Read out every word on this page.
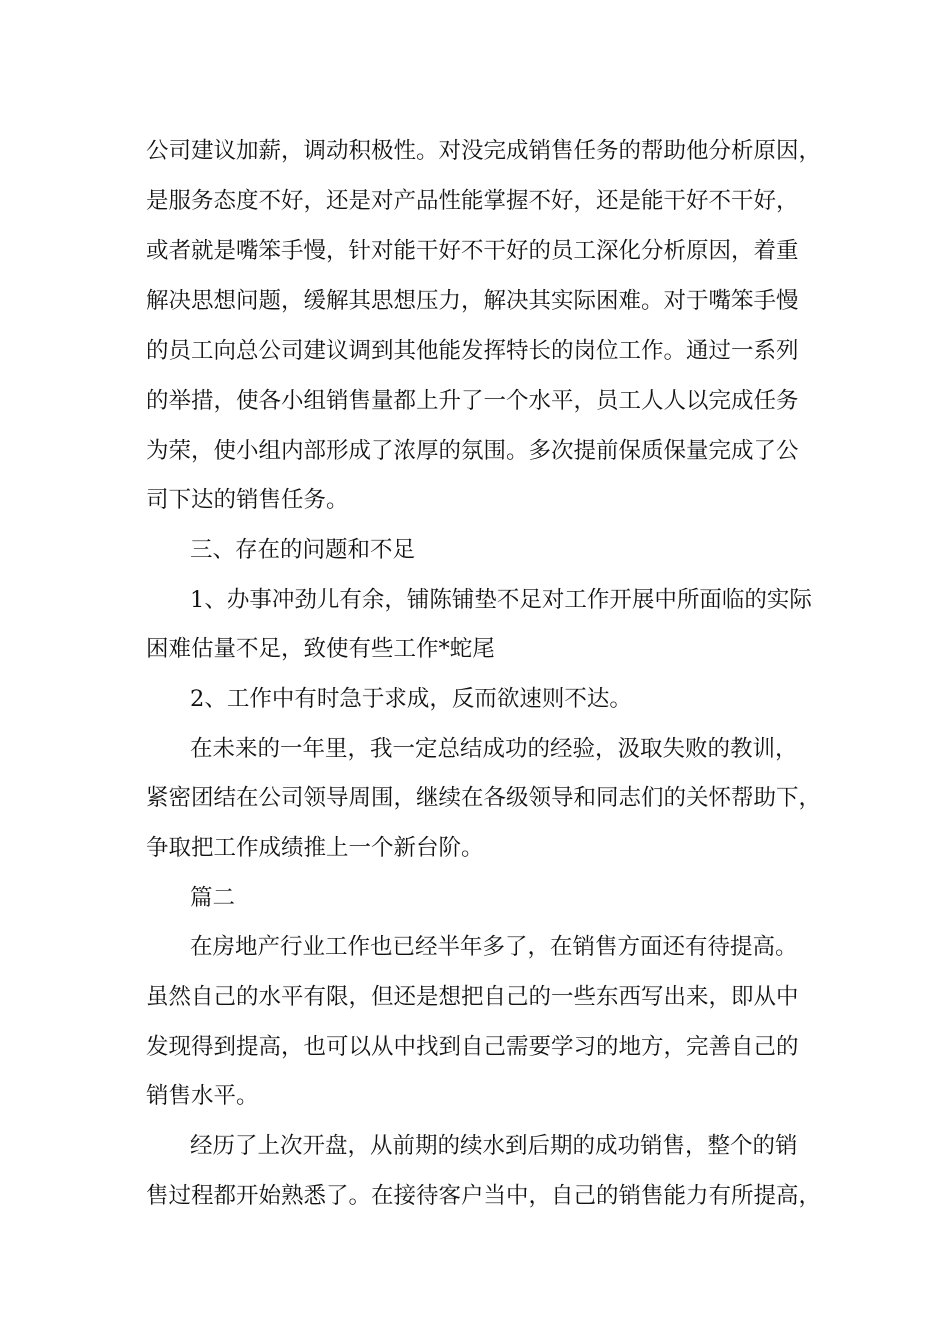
公司建议加薪，调动积极性。对没完成销售任务的帮助他分析原因，

是服务态度不好，还是对产品性能掌握不好，还是能干好不干好，

或者就是嘴笨手慢，针对能干好不干好的员工深化分析原因，着重

解决思想问题，缓解其思想压力，解决其实际困难。对于嘴笨手慢

的员工向总公司建议调到其他能发挥特长的岗位工作。通过一系列

的举措，使各小组销售量都上升了一个水平，员工人人以完成任务

为荣，使小组内部形成了浓厚的氛围。多次提前保质保量完成了公

司下达的销售任务。

三、存在的问题和不足

1、办事冲劲儿有余，铺陈铺垫不足对工作开展中所面临的实际

困难估量不足，致使有些工作*蛇尾

2、工作中有时急于求成，反而欲速则不达。

在未来的一年里，我一定总结成功的经验，汲取失败的教训，

紧密团结在公司领导周围，继续在各级领导和同志们的关怀帮助下，

争取把工作成绩推上一个新台阶。

篇二

在房地产行业工作也已经半年多了，在销售方面还有待提高。

虽然自己的水平有限，但还是想把自己的一些东西写出来，即从中

发现得到提高，也可以从中找到自己需要学习的地方，完善自己的

销售水平。

经历了上次开盘，从前期的续水到后期的成功销售，整个的销

售过程都开始熟悉了。在接待客户当中，自己的销售能力有所提高，
